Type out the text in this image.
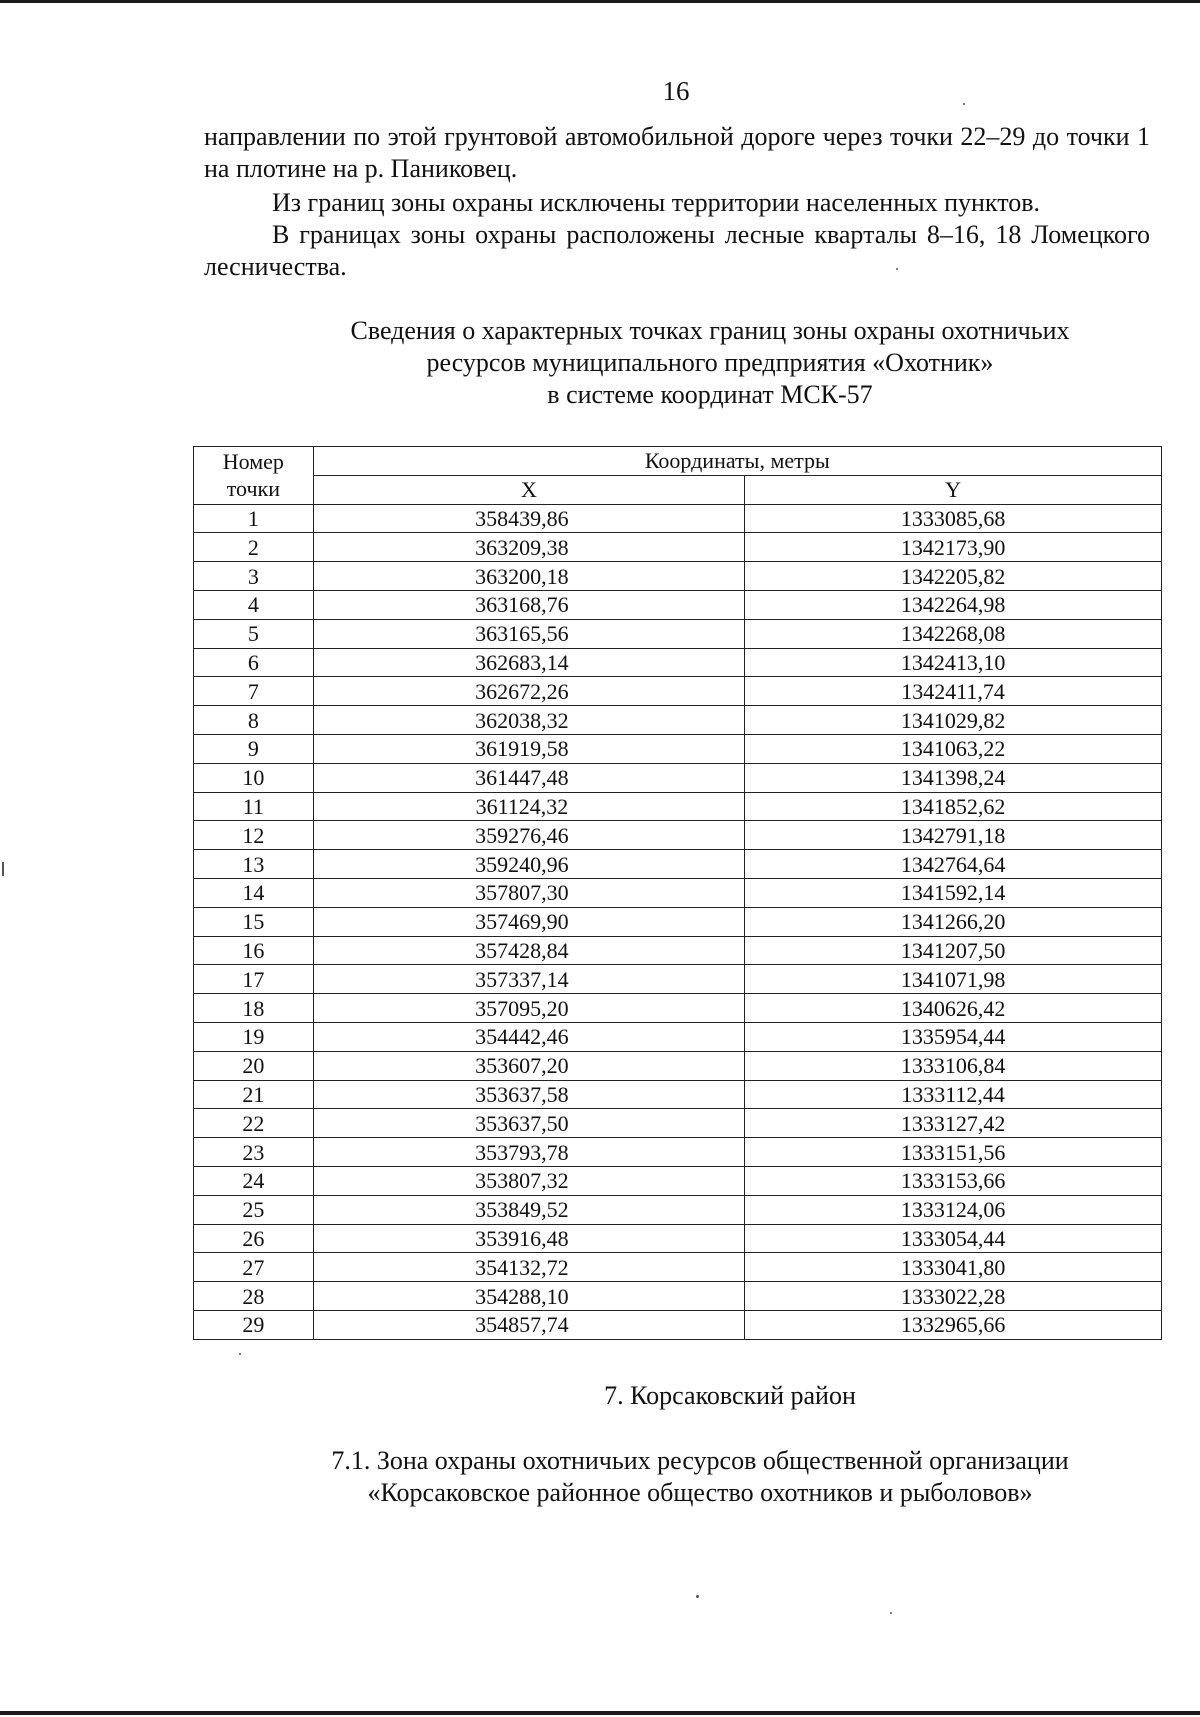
16
направлении по этой грунтовой автомобильной дороге через точки 22–29 до точки 1 на плотине на р. Паниковец.
Из границ зоны охраны исключены территории населенных пунктов.
В границах зоны охраны расположены лесные кварталы 8–16, 18 Ломецкого лесничества.
Сведения о характерных точках границ зоны охраны охотничьих
ресурсов муниципального предприятия «Охотник»
в системе координат МСК-57
Номер
точки	Координаты, метры	
	X	Y
1	358439,86	1333085,68
2	363209,38	1342173,90
3	363200,18	1342205,82
4	363168,76	1342264,98
5	363165,56	1342268,08
6	362683,14	1342413,10
7	362672,26	1342411,74
8	362038,32	1341029,82
9	361919,58	1341063,22
10	361447,48	1341398,24
11	361124,32	1341852,62
12	359276,46	1342791,18
13	359240,96	1342764,64
14	357807,30	1341592,14
15	357469,90	1341266,20
16	357428,84	1341207,50
17	357337,14	1341071,98
18	357095,20	1340626,42
19	354442,46	1335954,44
20	353607,20	1333106,84
21	353637,58	1333112,44
22	353637,50	1333127,42
23	353793,78	1333151,56
24	353807,32	1333153,66
25	353849,52	1333124,06
26	353916,48	1333054,44
27	354132,72	1333041,80
28	354288,10	1333022,28
29	354857,74	1332965,66
7. Корсаковский район
7.1. Зона охраны охотничьих ресурсов общественной организации
«Корсаковское районное общество охотников и рыболовов»
